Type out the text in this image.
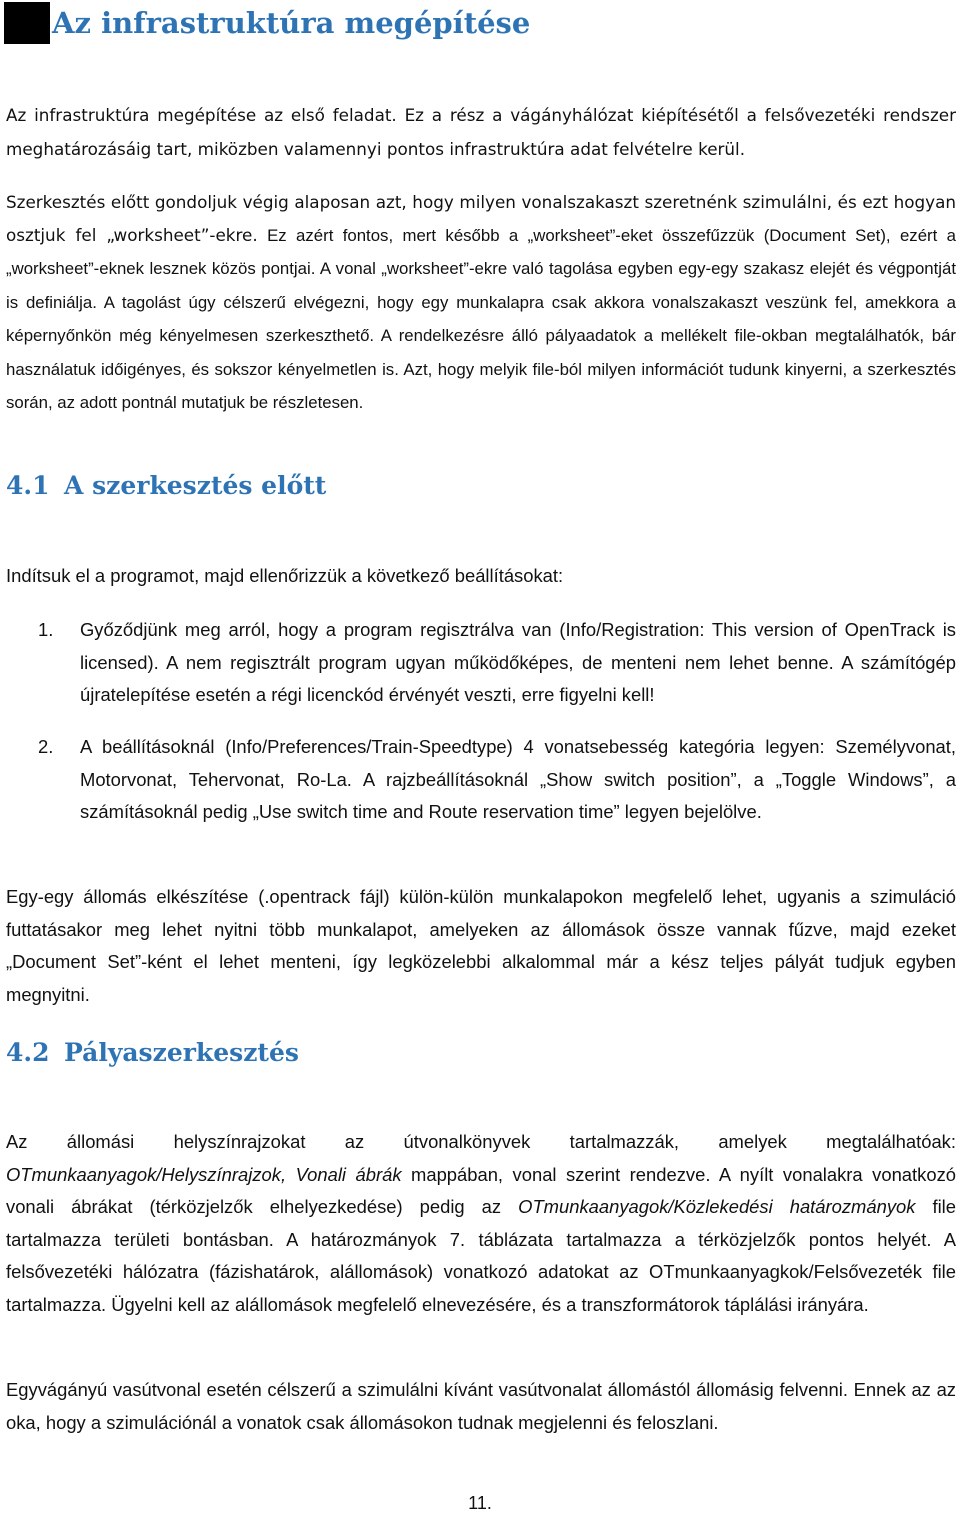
Az infrastruktúra megépítése

Az infrastruktúra megépítése az első feladat. Ez a rész a vágányhálózat kiépítésétől a felsővezetéki rendszer meghatározásáig tart, miközben valamennyi pontos infrastruktúra adat felvételre kerül.

Szerkesztés előtt gondoljuk végig alaposan azt, hogy milyen vonalszakaszt szeretnénk szimulálni, és ezt hogyan osztjuk fel „worksheet”-ekre. Ez azért fontos, mert később a „worksheet”-eket összefűzzük (Document Set), ezért a „worksheet”-eknek lesznek közös pontjai. A vonal „worksheet”-ekre való tagolása egyben egy-egy szakasz elejét és végpontját is definiálja. A tagolást úgy célszerű elvégezni, hogy egy munkalapra csak akkora vonalszakaszt veszünk fel, amekkora a képernyőnkön még kényelmesen szerkeszthető. A rendelkezésre álló pályaadatok a mellékelt file-okban megtalálhatók, bár használatuk időigényes, és sokszor kényelmetlen is. Azt, hogy melyik file-ból milyen információt tudunk kinyerni, a szerkesztés során, az adott pontnál mutatjuk be részletesen.

4.1 A szerkesztés előtt

Indítsuk el a programot, majd ellenőrizzük a következő beállításokat:

1. Győződjünk meg arról, hogy a program regisztrálva van (Info/Registration: This version of OpenTrack is licensed). A nem regisztrált program ugyan működőképes, de menteni nem lehet benne. A számítógép újratelepítése esetén a régi licenckód érvényét veszti, erre figyelni kell!
2. A beállításoknál (Info/Preferences/Train-Speedtype) 4 vonatsebesség kategória legyen: Személyvonat, Motorvonat, Tehervonat, Ro-La. A rajzbeállításoknál „Show switch position”, a „Toggle Windows”, a számításoknál pedig „Use switch time and Route reservation time” legyen bejelölve.

Egy-egy állomás elkészítése (.opentrack fájl) külön-külön munkalapokon megfelelő lehet, ugyanis a szimuláció futtatásakor meg lehet nyitni több munkalapot, amelyeken az állomások össze vannak fűzve, majd ezeket „Document Set”-ként el lehet menteni, így legközelebbi alkalommal már a kész teljes pályát tudjuk egyben megnyitni.

4.2 Pályaszerkesztés

Az állomási helyszínrajzokat az útvonalkönyvek tartalmazzák, amelyek megtalálhatóak: OTmunkaanyagok/Helyszínrajzok, Vonali ábrák mappában, vonal szerint rendezve. A nyílt vonalakra vonatkozó vonali ábrákat (térközjelzők elhelyezkedése) pedig az OTmunkaanyagok/Közlekedési határozmányok file tartalmazza területi bontásban. A határozmányok 7. táblázata tartalmazza a térközjelzők pontos helyét. A felsővezetéki hálózatra (fázishatárok, alállomások) vonatkozó adatokat az OTmunkaanyagkok/Felsővezeték file tartalmazza. Ügyelni kell az alállomások megfelelő elnevezésére, és a transzformátorok táplálási irányára.

Egyvágányú vasútvonal esetén célszerű a szimulálni kívánt vasútvonalat állomástól állomásig felvenni. Ennek az az oka, hogy a szimulációnál a vonatok csak állomásokon tudnak megjelenni és feloszlani.

11.
